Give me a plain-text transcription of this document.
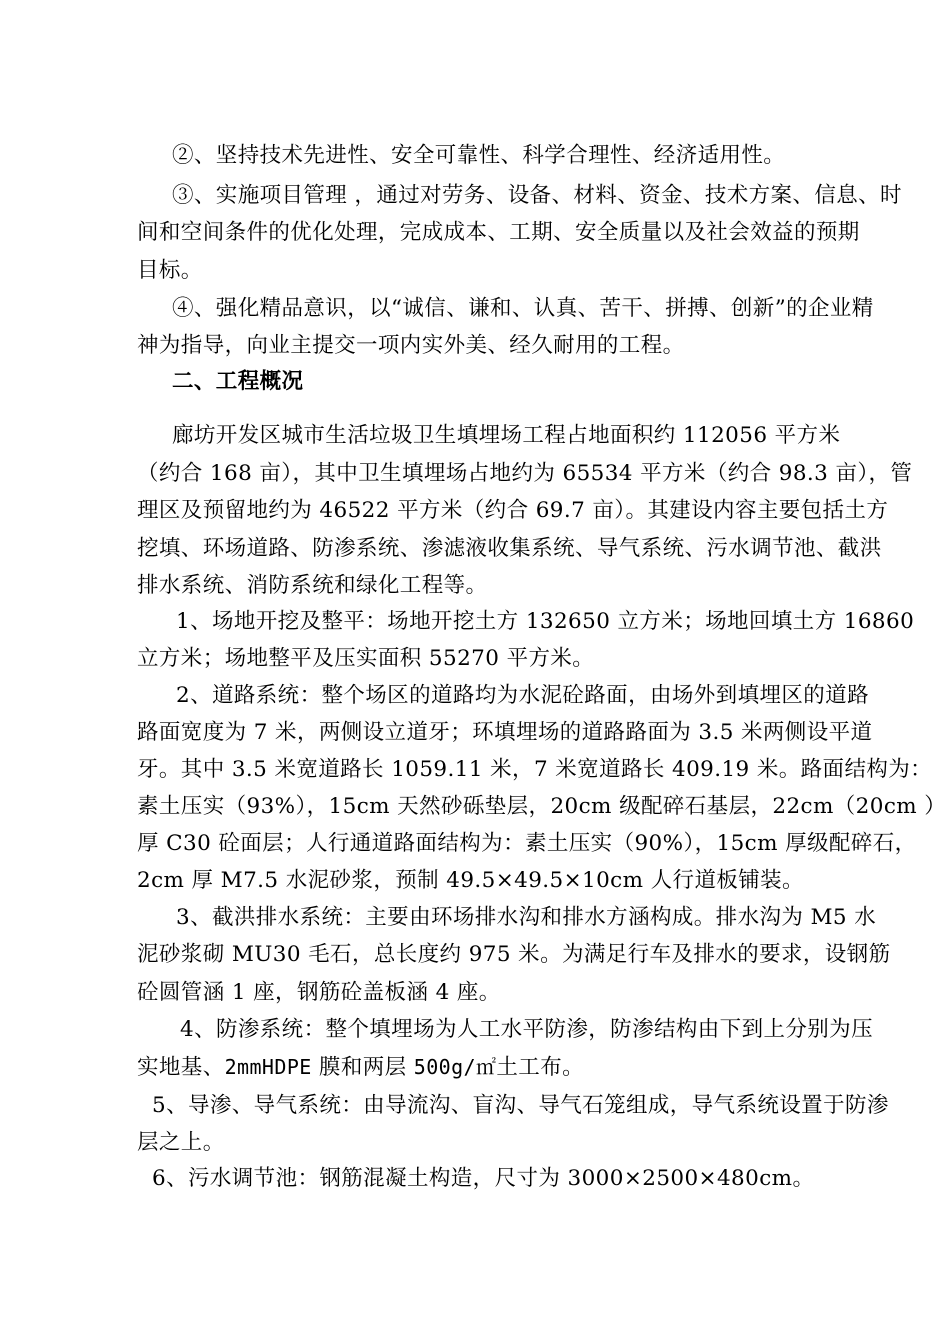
②、坚持技术先进性、安全可靠性、科学合理性、经济适用性。
③、实施项目管理 ，通过对劳务、设备、材料、资金、技术方案、信息、时
间和空间条件的优化处理，完成成本、工期、安全质量以及社会效益的预期
目标。
④、强化精品意识，以“诚信、谦和、认真、苦干、拼搏、创新”的企业精
神为指导，向业主提交一项内实外美、经久耐用的工程。
二、工程概况
廊坊开发区城市生活垃圾卫生填埋场工程占地面积约 112056 平方米
（约合 168 亩），其中卫生填埋场占地约为 65534 平方米（约合 98.3 亩），管
理区及预留地约为 46522 平方米（约合 69.7 亩）。其建设内容主要包括土方
挖填、环场道路、防渗系统、渗滤液收集系统、导气系统、污水调节池、截洪
排水系统、消防系统和绿化工程等。
1、场地开挖及整平：场地开挖土方 132650 立方米；场地回填土方 16860
立方米；场地整平及压实面积 55270 平方米。
2、道路系统：整个场区的道路均为水泥砼路面，由场外到填埋区的道路
路面宽度为 7 米，两侧设立道牙；环填埋场的道路路面为 3.5 米两侧设平道
牙。其中 3.5 米宽道路长 1059.11 米，7 米宽道路长 409.19 米。路面结构为：
素土压实（93%），15cm 天然砂砾垫层，20cm 级配碎石基层，22cm（20cm ）
厚 C30 砼面层；人行通道路面结构为：素土压实（90%），15cm 厚级配碎石，
2cm 厚 M7.5 水泥砂浆，预制 49.5×49.5×10cm 人行道板铺装。
3、截洪排水系统：主要由环场排水沟和排水方涵构成。排水沟为 M5 水
泥砂浆砌 MU30 毛石，总长度约 975 米。为满足行车及排水的要求，设钢筋
砼圆管涵 1 座，钢筋砼盖板涵 4 座。
4、防渗系统：整个填埋场为人工水平防渗，防渗结构由下到上分别为压
实地基、2mmHDPE 膜和两层 500g/㎡土工布。
5、导渗、导气系统：由导流沟、盲沟、导气石笼组成，导气系统设置于防渗
层之上。
6、污水调节池：钢筋混凝土构造，尺寸为 3000×2500×480cm。
